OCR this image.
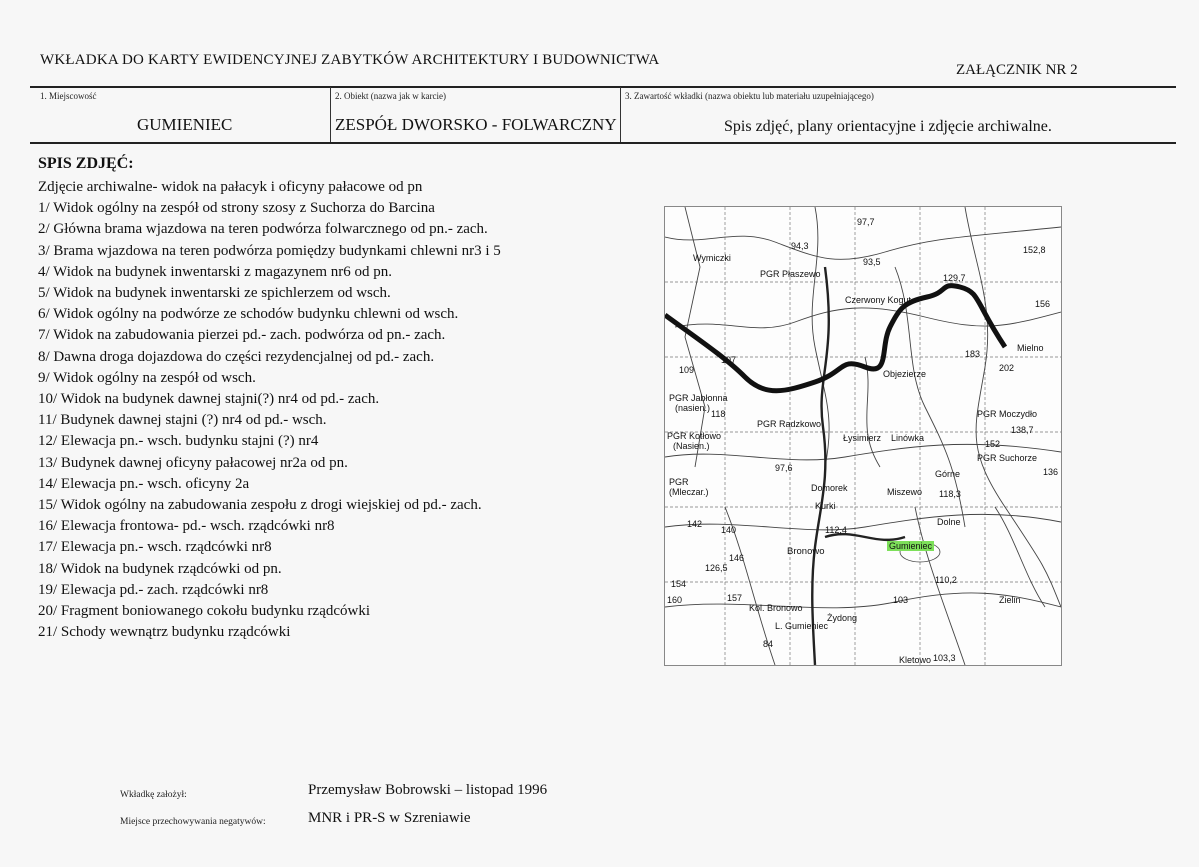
WKŁADKA DO KARTY EWIDENCYJNEJ ZABYTKÓW ARCHITEKTURY I BUDOWNICTWA
ZAŁĄCZNIK NR 2
1. Miejscowość
GUMIENIEC
2. Obiekt (nazwa jak w karcie)
ZESPÓŁ DWORSKO - FOLWARCZNY
3. Zawartość wkładki (nazwa obiektu lub materiału uzupełniającego)
Spis zdjęć, plany orientacyjne i zdjęcie archiwalne.
SPIS ZDJĘĆ:
Zdjęcie archiwalne- widok na pałacyk i oficyny pałacowe od pn
1/ Widok ogólny na zespół od strony szosy z Suchorza do Barcina
2/ Główna brama wjazdowa na teren podwórza folwarcznego od pn.- zach.
3/ Brama wjazdowa na teren podwórza pomiędzy budynkami chlewni nr3 i 5
4/ Widok na budynek inwentarski z magazynem nr6 od pn.
5/ Widok na budynek inwentarski ze spichlerzem od wsch.
6/ Widok ogólny na podwórze ze schodów budynku chlewni od wsch.
7/ Widok na zabudowania pierzei pd.- zach. podwórza od pn.- zach.
8/ Dawna droga dojazdowa do części rezydencjalnej od pd.- zach.
9/ Widok ogólny na zespół od wsch.
10/ Widok na budynek dawnej stajni(?) nr4 od pd.- zach.
11/ Budynek dawnej stajni (?) nr4 od pd.- wsch.
12/ Elewacja pn.- wsch. budynku stajni (?) nr4
13/ Budynek dawnej oficyny pałacowej nr2a od pn.
14/ Elewacja pn.- wsch. oficyny 2a
15/ Widok ogólny na zabudowania zespołu z drogi wiejskiej od pd.- zach.
16/ Elewacja frontowa- pd.- wsch. rządcówki nr8
17/ Elewacja pn.- wsch. rządcówki nr8
18/ Widok na budynek rządcówki od pn.
19/ Elewacja pd.- zach. rządcówki nr8
20/ Fragment boniowanego cokołu budynku rządcówki
21/ Schody wewnątrz budynku rządcówki
PGR Płaszewo
Czerwony Kogut
Mielno
Objezierze
PGR Jabłonna
(nasien.)
PGR Radzkowo
PGR Kotłowo
(Nasien.)
Łysimierz Linówka
PGR Moczydło
PGR Suchorze
Górne
Domorek
Kurki
Miszewo
Dolne
PGR
(Mleczar.)
Gumieniec
Bronowo
Żydong
Kol. Bronowo
L. Gumieniec
Zielin
Kletowo
Wymiczki
97,7
94,3
93,5
152,8
129,7
107
109
183
202
118
97,6
138,7
152
136
118,3
142
140	112,4
146
126,5
110,2
154
160	157
103,3
103
84
156
Wkładkę założył:	Przemysław Bobrowski – listopad 1996
Miejsce przechowywania negatywów:	MNR i PR-S w Szreniawie
